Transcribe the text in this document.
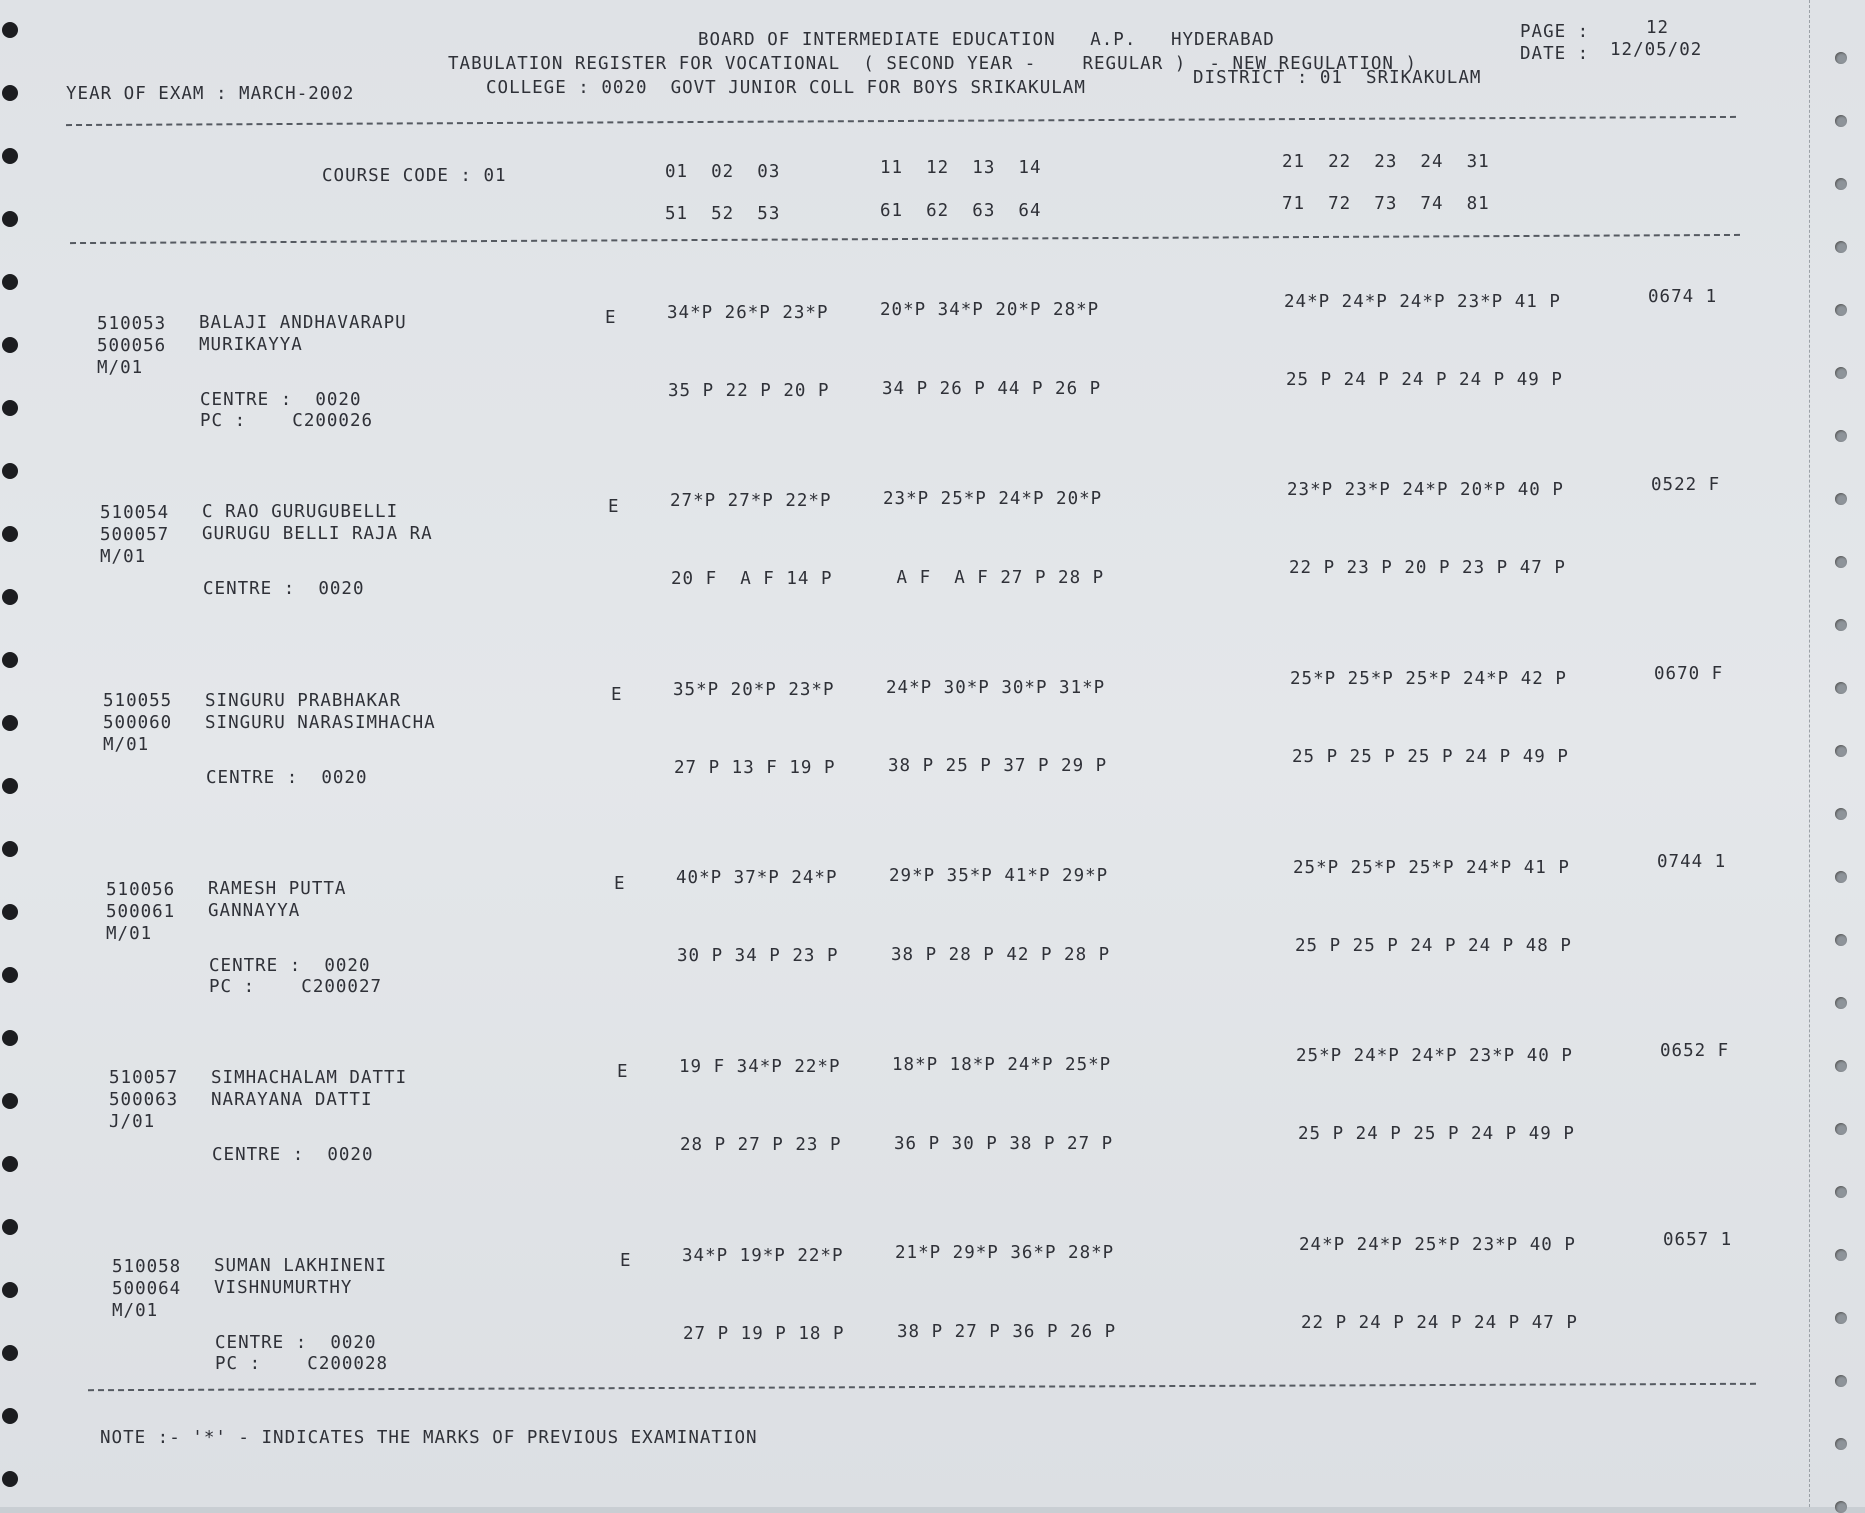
BOARD OF INTERMEDIATE EDUCATION   A.P.   HYDERABAD	PAGE :	12
TABULATION REGISTER FOR VOCATIONAL  ( SECOND YEAR -    REGULAR )  - NEW REGULATION )	DATE : 12/05/02
YEAR OF EXAM : MARCH-2002	COLLEGE : 0020  GOVT JUNIOR COLL FOR BOYS SRIKAKULAM	DISTRICT : 01  SRIKAKULAM
COURSE CODE : 01	01  02  03	11  12  13  14	21  22  23  24  31
51  52  53	61  62  63  64	71  72  73  74  81
510053 BALAJI ANDHAVARAPU
500056 MURIKAYYA
M/01
E	34*P 26*P 23*P	20*P 34*P 20*P 28*P	24*P 24*P 24*P 23*P 41 P	0674 1
CENTRE :  0020
PC :    C200026
35 P 22 P 20 P	34 P 26 P 44 P 26 P	25 P 24 P 24 P 24 P 49 P
510054 C RAO GURUGUBELLI
500057 GURUGU BELLI RAJA RA
M/01
E	27*P 27*P 22*P	23*P 25*P 24*P 20*P	23*P 23*P 24*P 20*P 40 P	0522 F
CENTRE :  0020	20 F  A F 14 P	A F  A F 27 P 28 P	22 P 23 P 20 P 23 P 47 P
510055 SINGURU PRABHAKAR
500060 SINGURU NARASIMHACHA
M/01
E	35*P 20*P 23*P	24*P 30*P 30*P 31*P	25*P 25*P 25*P 24*P 42 P	0670 F
CENTRE :  0020	27 P 13 F 19 P	38 P 25 P 37 P 29 P	25 P 25 P 25 P 24 P 49 P
510056 RAMESH PUTTA
500061 GANNAYYA
M/01
E	40*P 37*P 24*P	29*P 35*P 41*P 29*P	25*P 25*P 25*P 24*P 41 P	0744 1
CENTRE :  0020
PC :    C200027
30 P 34 P 23 P	38 P 28 P 42 P 28 P	25 P 25 P 24 P 24 P 48 P
510057 SIMHACHALAM DATTI
500063 NARAYANA DATTI
J/01
E	19 F 34*P 22*P	18*P 18*P 24*P 25*P	25*P 24*P 24*P 23*P 40 P	0652 F
CENTRE :  0020	28 P 27 P 23 P	36 P 30 P 38 P 27 P	25 P 24 P 25 P 24 P 49 P
510058 SUMAN LAKHINENI
500064 VISHNUMURTHY
M/01
E	34*P 19*P 22*P	21*P 29*P 36*P 28*P	24*P 24*P 25*P 23*P 40 P	0657 1
CENTRE :  0020
PC :    C200028
27 P 19 P 18 P	38 P 27 P 36 P 26 P	22 P 24 P 24 P 24 P 47 P
NOTE :- '*' - INDICATES THE MARKS OF PREVIOUS EXAMINATION
